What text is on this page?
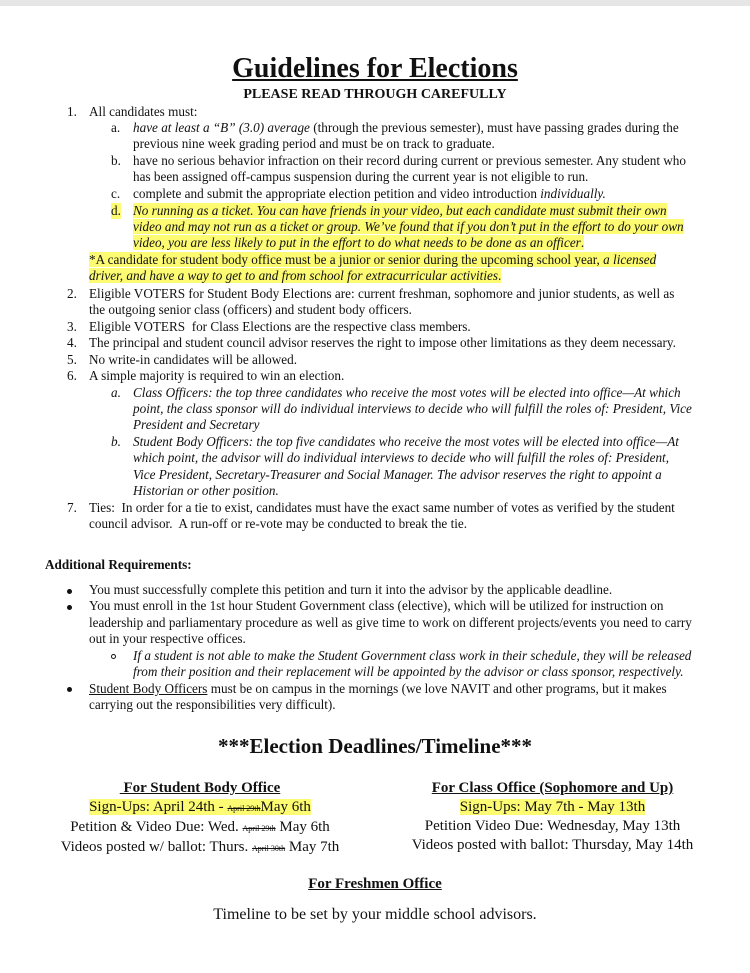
Guidelines for Elections
PLEASE READ THROUGH CAREFULLY
1. All candidates must:
a. have at least a “B” (3.0) average (through the previous semester), must have passing grades during the
previous nine week grading period and must be on track to graduate.
b. have no serious behavior infraction on their record during current or previous semester. Any student who
has been assigned off-campus suspension during the current year is not eligible to run.
c. complete and submit the appropriate election petition and video introduction individually.
d. No running as a ticket. You can have friends in your video, but each candidate must submit their own
video and may not run as a ticket or group. We’ve found that if you don’t put in the effort to do your own
video, you are less likely to put in the effort to do what needs to be done as an officer.
*A candidate for student body office must be a junior or senior during the upcoming school year, a licensed
driver, and have a way to get to and from school for extracurricular activities.
2. Eligible VOTERS for Student Body Elections are: current freshman, sophomore and junior students, as well as
the outgoing senior class (officers) and student body officers.
3. Eligible VOTERS  for Class Elections are the respective class members.
4. The principal and student council advisor reserves the right to impose other limitations as they deem necessary.
5. No write-in candidates will be allowed.
6. A simple majority is required to win an election.
a. Class Officers: the top three candidates who receive the most votes will be elected into office—At which
point, the class sponsor will do individual interviews to decide who will fulfill the roles of: President, Vice
President and Secretary
b. Student Body Officers: the top five candidates who receive the most votes will be elected into office—At
which point, the advisor will do individual interviews to decide who will fulfill the roles of: President,
Vice President, Secretary-Treasurer and Social Manager. The advisor reserves the right to appoint a
Historian or other position.
7. Ties:  In order for a tie to exist, candidates must have the exact same number of votes as verified by the student
council advisor.  A run-off or re-vote may be conducted to break the tie.
Additional Requirements:
You must successfully complete this petition and turn it into the advisor by the applicable deadline.
You must enroll in the 1st hour Student Government class (elective), which will be utilized for instruction on
leadership and parliamentary procedure as well as give time to work on different projects/events you need to carry
out in your respective offices.
If a student is not able to make the Student Government class work in their schedule, they will be released
from their position and their replacement will be appointed by the advisor or class sponsor, respectively.
Student Body Officers must be on campus in the mornings (we love NAVIT and other programs, but it makes
carrying out the responsibilities very difficult).
***Election Deadlines/Timeline***
For Student Body Office
Sign-Ups: April 24th - April 29thMay 6th
Petition & Video Due: Wed. April 29th May 6th
Videos posted w/ ballot: Thurs. April 30th May 7th
For Class Office (Sophomore and Up)
Sign-Ups: May 7th - May 13th
Petition Video Due: Wednesday, May 13th
Videos posted with ballot: Thursday, May 14th
For Freshmen Office
Timeline to be set by your middle school advisors.
